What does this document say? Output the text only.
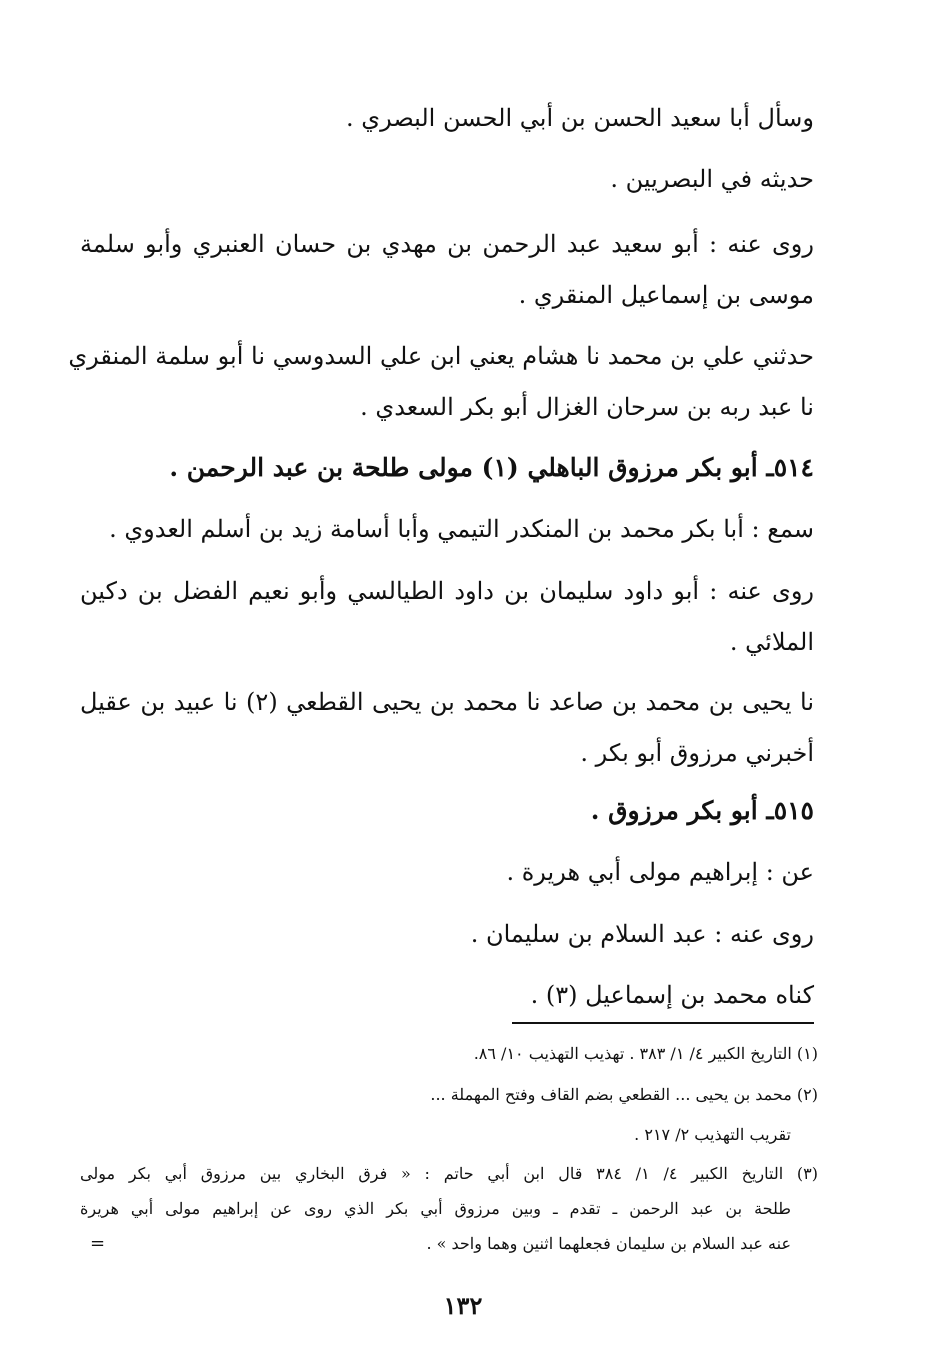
وسأل أبا سعيد الحسن بن أبي الحسن البصري .

حديثه في البصريين .

روى عنه : أبو سعيد عبد الرحمن بن مهدي بن حسان العنبري وأبو سلمة

موسى بن إسماعيل المنقري .

حدثني علي بن محمد نا هشام يعني ابن علي السدوسي نا أبو سلمة المنقري

نا عبد ربه بن سرحان الغزال أبو بكر السعدي .

٥١٤ـ أبو بكر مرزوق الباهلي (١) مولى طلحة بن عبد الرحمن .

سمع : أبا بكر محمد بن المنكدر التيمي وأبا أسامة زيد بن أسلم العدوي .

روى عنه : أبو داود سليمان بن داود الطيالسي وأبو نعيم الفضل بن دكين

الملائي .

نا يحيى بن محمد بن صاعد نا محمد بن يحيى القطعي (٢) نا عبيد بن عقيل

أخبرني مرزوق أبو بكر .

٥١٥ـ أبو بكر مرزوق .

عن : إبراهيم مولى أبي هريرة .

روى عنه : عبد السلام بن سليمان .

كناه محمد بن إسماعيل (٣) .

(١) التاريخ الكبير ٤/ ١/ ٣٨٣ . تهذيب التهذيب ١٠/ ٨٦.

(٢) محمد بن يحيى ... القطعي بضم القاف وفتح المهملة ...

تقريب التهذيب ٢/ ٢١٧ .

(٣) التاريخ الكبير ٤/ ١/ ٣٨٤ قال ابن أبي حاتم : « فرق البخاري بين مرزوق أبي بكر مولى

طلحة بن عبد الرحمن ـ تقدم ـ وبين مرزوق أبي بكر الذي روى عن إبراهيم مولى أبي هريرة

عنه عبد السلام بن سليمان فجعلهما اثنين وهما واحد » .

=
١٣٢
